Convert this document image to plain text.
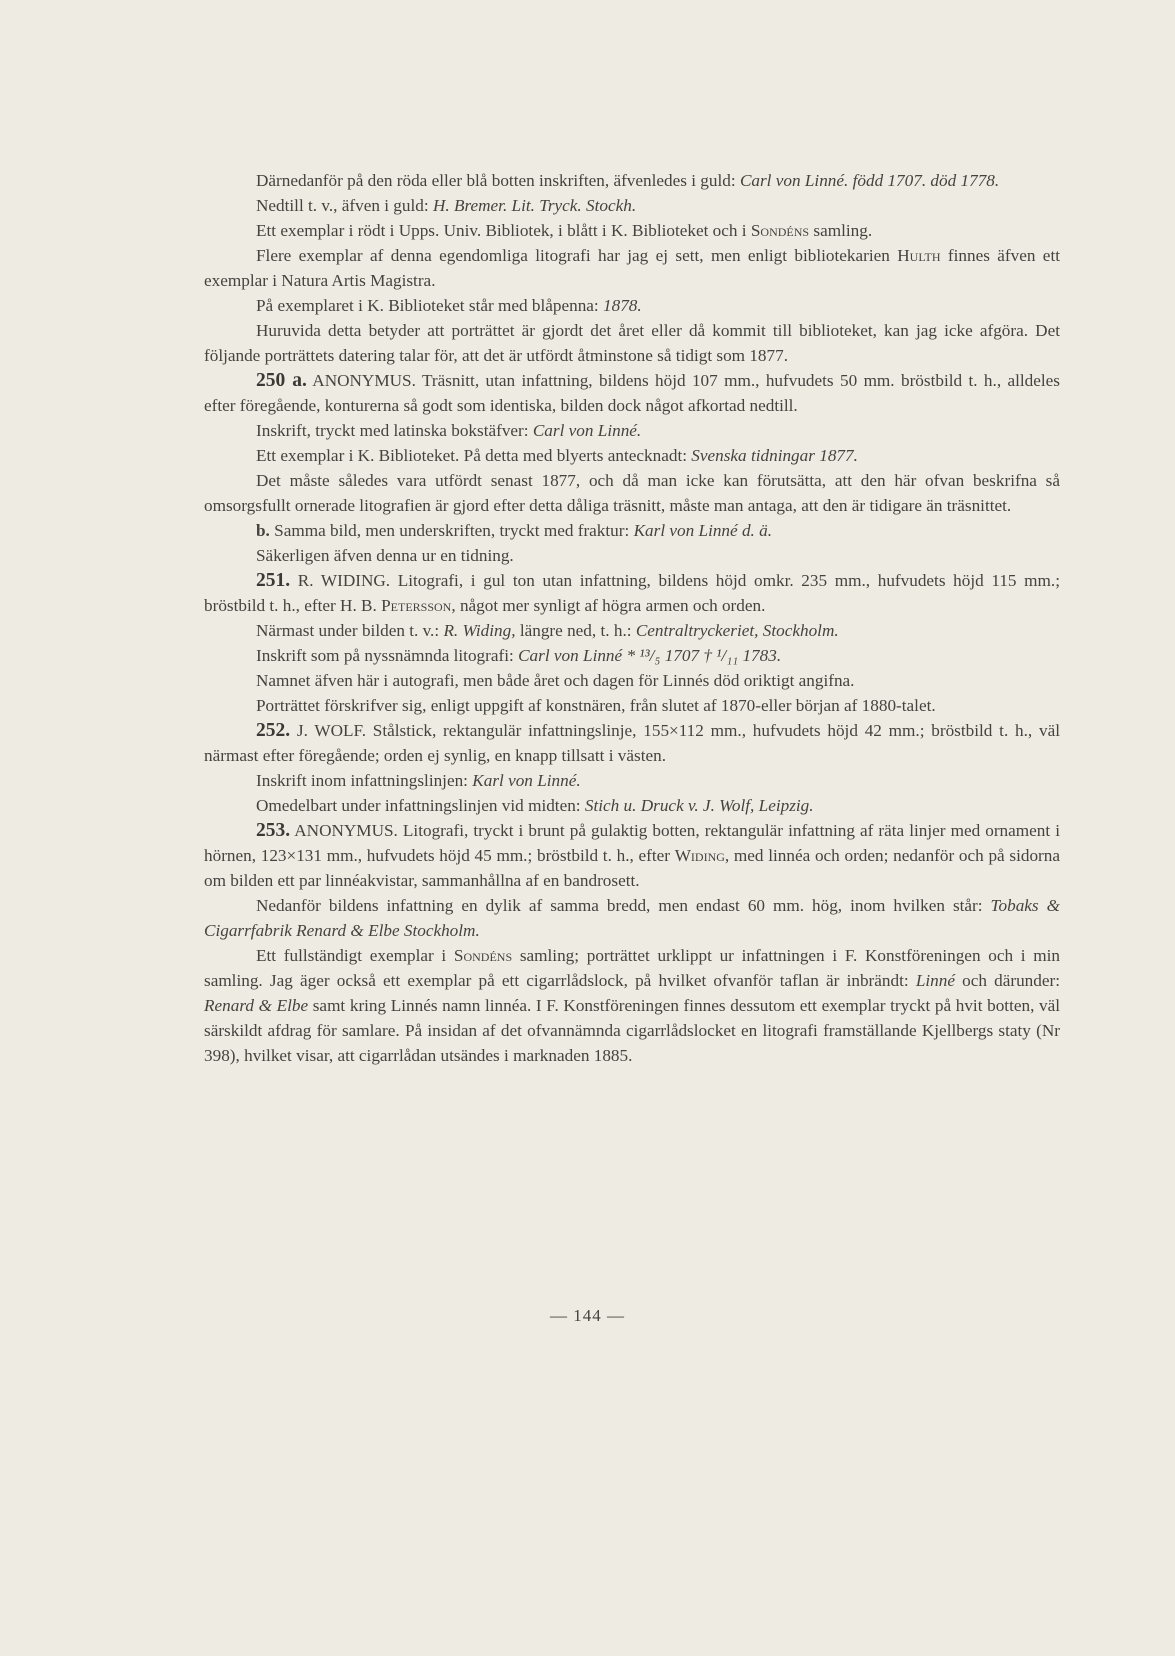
Därnedanför på den röda eller blå botten inskriften, äfvenledes i guld: Carl von Linné. född 1707. död 1778.

Nedtill t. v., äfven i guld: H. Bremer. Lit. Tryck. Stockh.

Ett exemplar i rödt i Upps. Univ. Bibliotek, i blått i K. Biblioteket och i Sondéns samling.

Flere exemplar af denna egendomliga litografi har jag ej sett, men enligt bibliotekarien Hulth finnes äfven ett exemplar i Natura Artis Magistra.

På exemplaret i K. Biblioteket står med blåpenna: 1878.

Huruvida detta betyder att porträttet är gjordt det året eller då kommit till biblioteket, kan jag icke afgöra. Det följande porträttets datering talar för, att det är utfördt åtminstone så tidigt som 1877.

250 a. ANONYMUS. Träsnitt, utan infattning, bildens höjd 107 mm., hufvudets 50 mm. bröstbild t. h., alldeles efter föregående, konturerna så godt som identiska, bilden dock något afkortad nedtill.

Inskrift, tryckt med latinska bokstäfver: Carl von Linné.

Ett exemplar i K. Biblioteket. På detta med blyerts antecknadt: Svenska tidningar 1877.

Det måste således vara utfördt senast 1877, och då man icke kan förutsätta, att den här ofvan beskrifna så omsorgsfullt ornerade litografien är gjord efter detta dåliga träsnitt, måste man antaga, att den är tidigare än träsnittet.

b. Samma bild, men underskriften, tryckt med fraktur: Karl von Linné d. ä.

Säkerligen äfven denna ur en tidning.

251. R. WIDING. Litografi, i gul ton utan infattning, bildens höjd omkr. 235 mm., hufvudets höjd 115 mm.; bröstbild t. h., efter H. B. Petersson, något mer synligt af högra armen och orden.

Närmast under bilden t. v.: R. Widing, längre ned, t. h.: Centraltryckeriet, Stockholm.

Inskrift som på nyssnämnda litografi: Carl von Linné * ¹³/₅ 1707 † ¹/₁₁ 1783.

Namnet äfven här i autografi, men både året och dagen för Linnés död oriktigt angifna.

Porträttet förskrifver sig, enligt uppgift af konstnären, från slutet af 1870-eller början af 1880-talet.

252. J. WOLF. Stålstick, rektangulär infattningslinje, 155×112 mm., hufvudets höjd 42 mm.; bröstbild t. h., väl närmast efter föregående; orden ej synlig, en knapp tillsatt i västen.

Inskrift inom infattningslinjen: Karl von Linné.

Omedelbart under infattningslinjen vid midten: Stich u. Druck v. J. Wolf, Leipzig.

253. ANONYMUS. Litografi, tryckt i brunt på gulaktig botten, rektangulär infattning af räta linjer med ornament i hörnen, 123×131 mm., hufvudets höjd 45 mm.; bröstbild t. h., efter Widing, med linnéa och orden; nedanför och på sidorna om bilden ett par linnéakvistar, sammanhållna af en bandrosett.

Nedanför bildens infattning en dylik af samma bredd, men endast 60 mm. hög, inom hvilken står: Tobaks & Cigarrfabrik Renard & Elbe Stockholm.

Ett fullständigt exemplar i Sondéns samling; porträttet urklippt ur infattningen i F. Konstföreningen och i min samling. Jag äger också ett exemplar på ett cigarrlådslock, på hvilket ofvanför taflan är inbrändt: Linné och därunder: Renard & Elbe samt kring Linnés namn linnéa. I F. Konstföreningen finnes dessutom ett exemplar tryckt på hvit botten, väl särskildt afdrag för samlare. På insidan af det ofvannämnda cigarrlådslocket en litografi framställande Kjellbergs staty (Nr 398), hvilket visar, att cigarrlådan utsändes i marknaden 1885.

— 144 —
